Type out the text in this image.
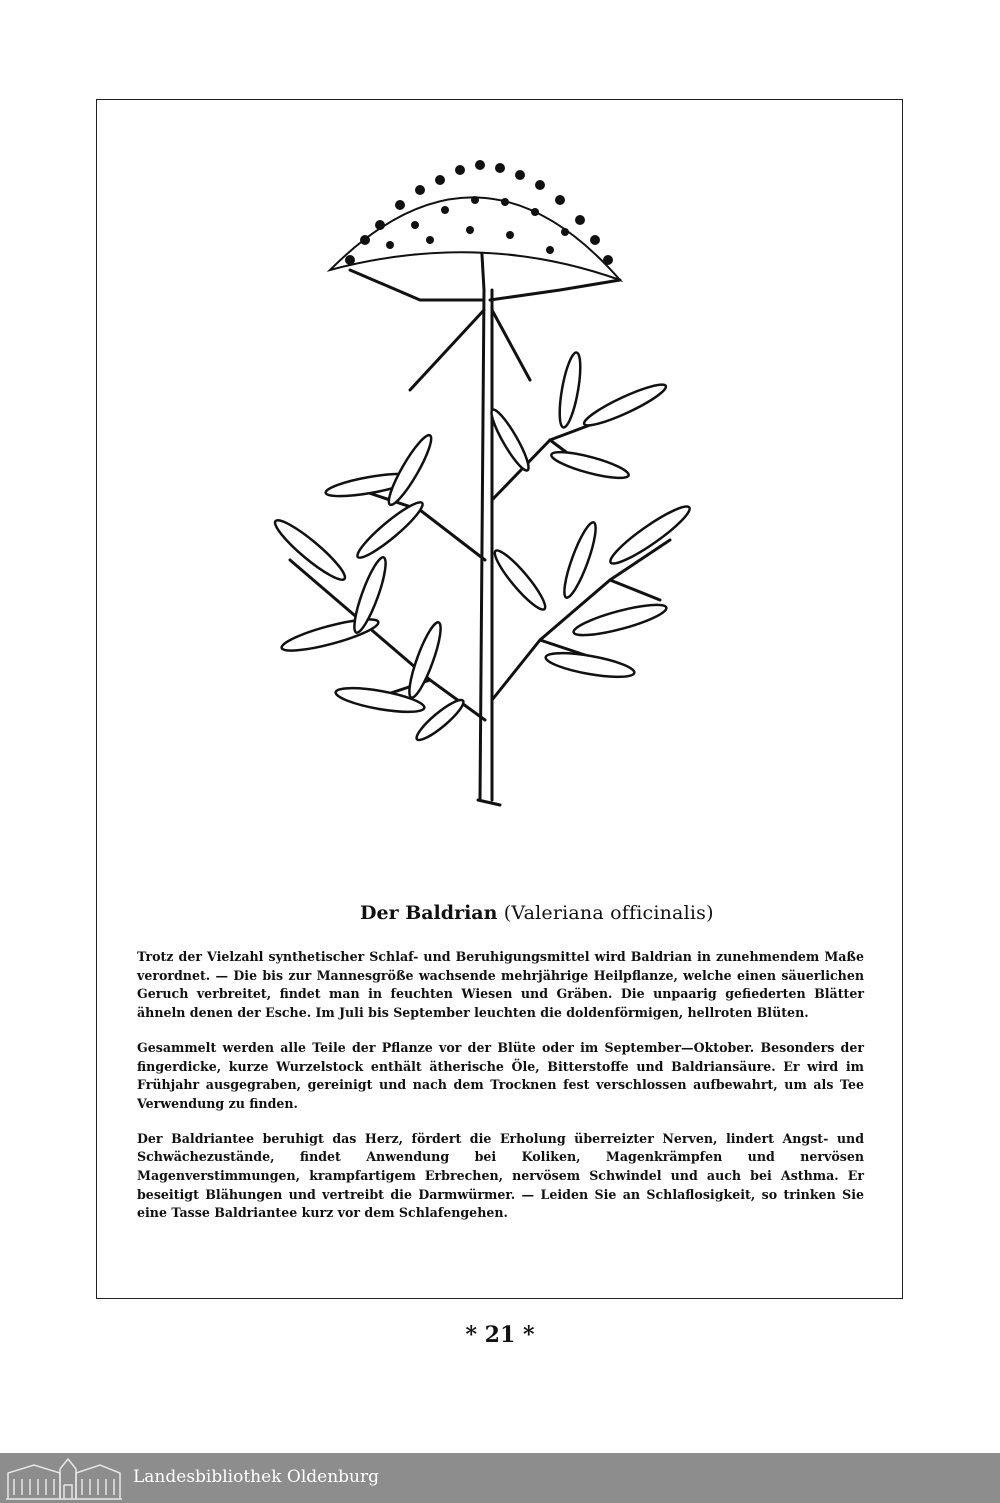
Der Baldrian (Valeriana officinalis)

Trotz der Vielzahl synthetischer Schlaf- und Beruhigungsmittel wird Baldrian in zunehmendem Maße verordnet. — Die bis zur Mannesgröße wachsende mehrjährige Heilpflanze, welche einen säuerlichen Geruch verbreitet, findet man in feuchten Wiesen und Gräben. Die unpaarig gefiederten Blätter ähneln denen der Esche. Im Juli bis September leuchten die doldenförmigen, hellroten Blüten.

Gesammelt werden alle Teile der Pflanze vor der Blüte oder im September—Oktober. Besonders der fingerdicke, kurze Wurzelstock enthält ätherische Öle, Bitterstoffe und Baldriansäure. Er wird im Frühjahr ausgegraben, gereinigt und nach dem Trocknen fest verschlossen aufbewahrt, um als Tee Verwendung zu finden.

Der Baldriantee beruhigt das Herz, fördert die Erholung überreizter Nerven, lindert Angst- und Schwächezustände, findet Anwendung bei Koliken, Magenkrämpfen und nervösen Magenverstimmungen, krampfartigem Erbrechen, nervösem Schwindel und auch bei Asthma. Er beseitigt Blähungen und vertreibt die Darmwürmer. — Leiden Sie an Schlaflosigkeit, so trinken Sie eine Tasse Baldriantee kurz vor dem Schlafengehen.

* 21 *
Landesbibliothek Oldenburg
